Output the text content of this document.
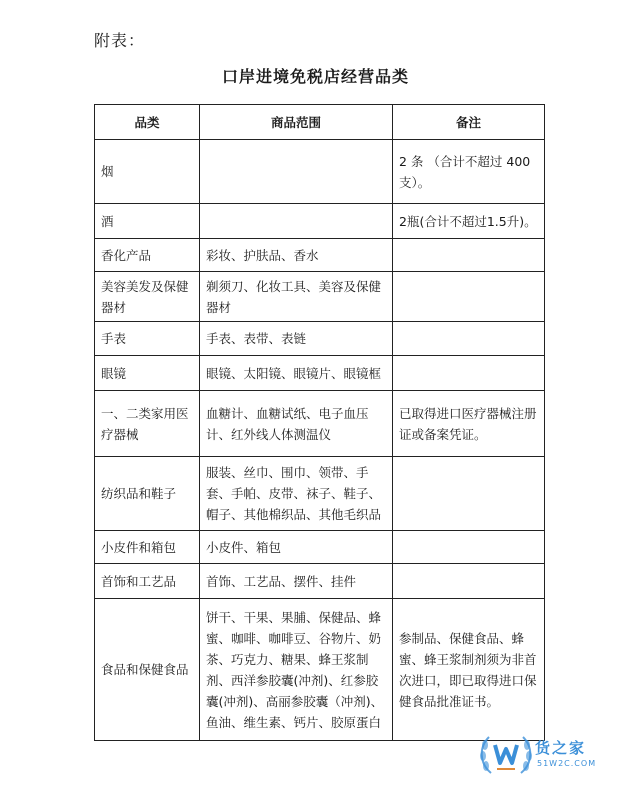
附表：
口岸进境免税店经营品类
品类	商品范围	备注
烟		2 条 （合计不超过 400 支）。
酒		2瓶(合计不超过1.5升)。
香化产品	彩妆、护肤品、香水	
美容美发及保健器材	剃须刀、化妆工具、美容及保健器材	
手表	手表、表带、表链	
眼镜	眼镜、太阳镜、眼镜片、眼镜框	
一、二类家用医疗器械	血糖计、血糖试纸、电子血压计、红外线人体测温仪	已取得进口医疗器械注册证或备案凭证。
纺织品和鞋子	服装、丝巾、围巾、领带、手套、手帕、皮带、袜子、鞋子、帽子、其他棉织品、其他毛织品	
小皮件和箱包	小皮件、箱包	
首饰和工艺品	首饰、工艺品、摆件、挂件	
食品和保健食品	饼干、干果、果脯、保健品、蜂蜜、咖啡、咖啡豆、谷物片、奶茶、巧克力、糖果、蜂王浆制剂、西洋参胶囊(冲剂)、红参胶囊(冲剂)、高丽参胶囊（冲剂)、鱼油、维生素、钙片、胶原蛋白	参制品、保健食品、蜂蜜、蜂王浆制剂须为非首次进口，即已取得进口保健食品批准证书。
货之家
51W2C.COM
